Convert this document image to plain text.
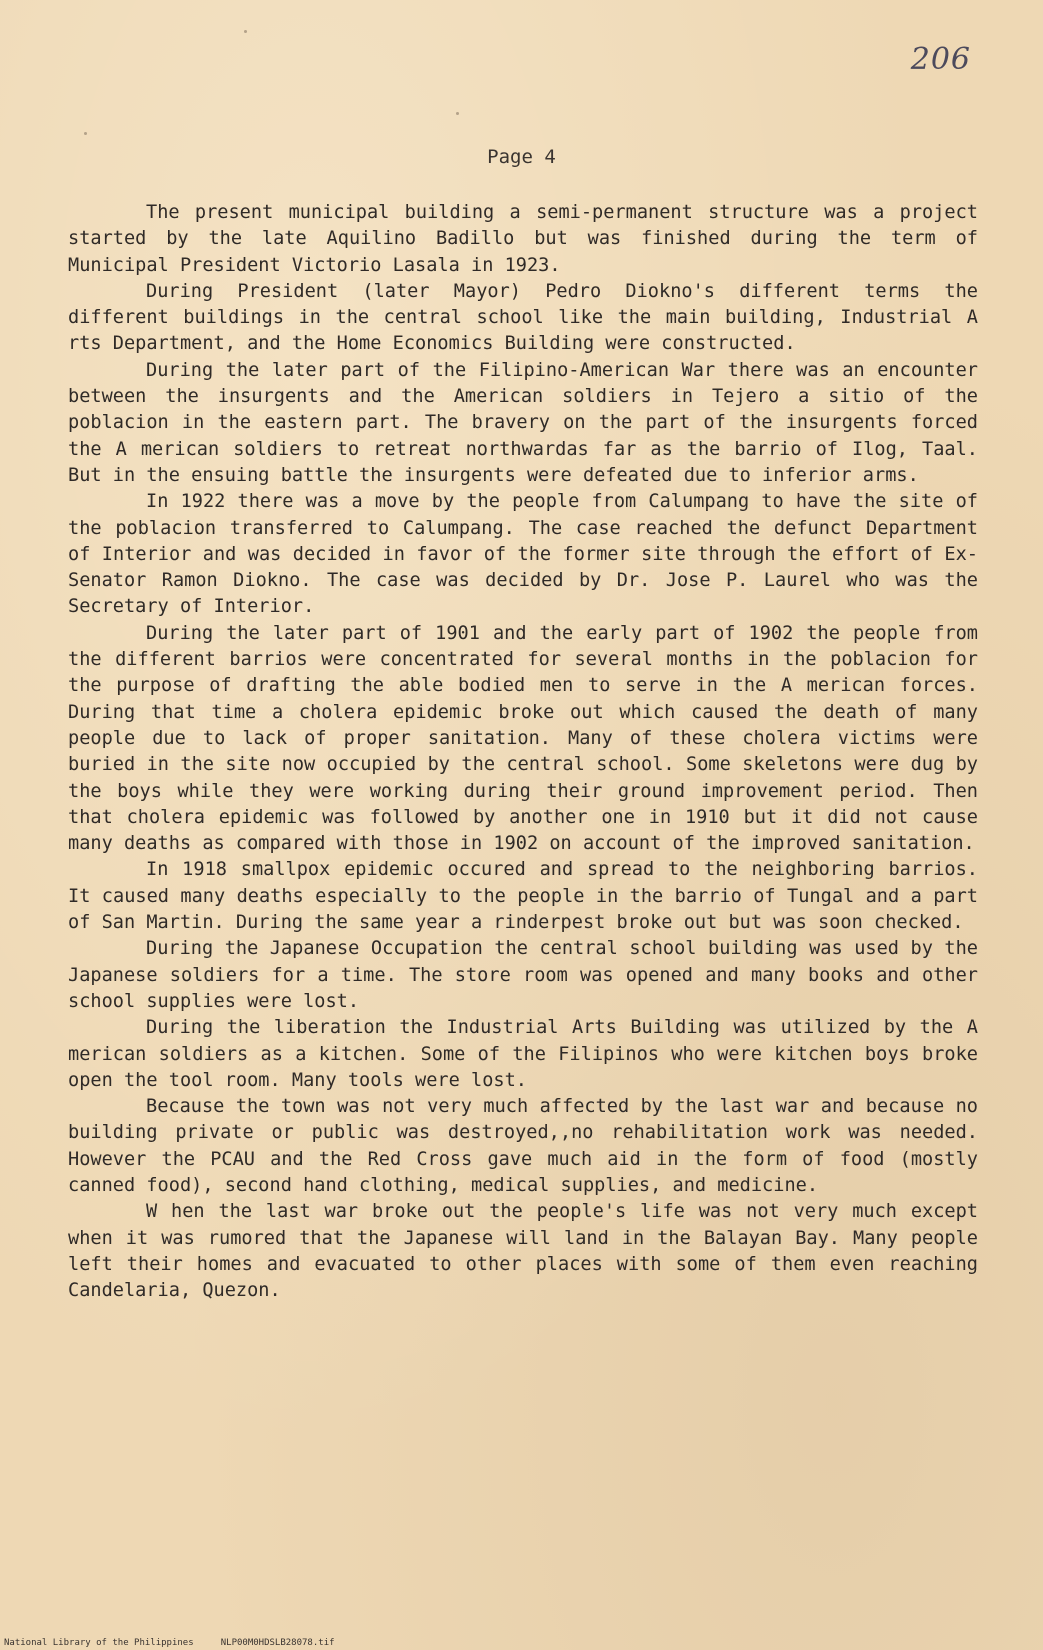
206
Page 4

The present municipal building a semi-permanent structure was a project started by the late Aquilino Badillo but was finished during the term of Municipal President Victorio Lasala in 1923.

During President (later Mayor) Pedro Diokno's different terms the different buildings in the central school like the main building, Industrial A rts Department, and the Home Economics Building were constructed.

During the later part of the Filipino-American War there was an encounter between the insurgents and the American soldiers in Tejero a sitio of the poblacion in the eastern part. The bravery on the part of the insurgents forced the A merican soldiers to retreat northwardas far as the barrio of Ilog, Taal. But in the ensuing battle the insurgents were defeated due to inferior arms.

In 1922 there was a move by the people from Calumpang to have the site of the poblacion transferred to Calumpang. The case reached the defunct Department of Interior and was decided in favor of the former site through the effort of Ex-Senator Ramon Diokno. The case was decided by Dr. Jose P. Laurel who was the Secretary of Interior.

During the later part of 1901 and the early part of 1902 the people from the different barrios were concentrated for several months in the poblacion for the purpose of drafting the able bodied men to serve in the A merican forces. During that time a cholera epidemic broke out which caused the death of many people due to lack of proper sanitation. Many of these cholera victims were buried in the site now occupied by the central school. Some skeletons were dug by the boys while they were working during their ground improvement period. Then that cholera epidemic was followed by another one in 1910 but it did not cause many deaths as compared with those in 1902 on account of the improved sanitation.

In 1918 smallpox epidemic occured and spread to the neighboring barrios. It caused many deaths especially to the people in the barrio of Tungal and a part of San Martin. During the same year a rinderpest broke out but was soon checked.

During the Japanese Occupation the central school building was used by the Japanese soldiers for a time. The store room was opened and many books and other school supplies were lost.

During the liberation the Industrial Arts Building was utilized by the A merican soldiers as a kitchen. Some of the Filipinos who were kitchen boys broke open the tool room. Many tools were lost.

Because the town was not very much affected by the last war and because no building private or public was destroyed,,no rehabilitation work was needed. However the PCAU and the Red Cross gave much aid in the form of food (mostly canned food), second hand clothing, medical supplies, and medicine.

W hen the last war broke out the people's life was not very much except when it was rumored that the Japanese will land in the Balayan Bay. Many people left their homes and evacuated to other places with some of them even reaching Candelaria, Quezon.

National Library of the Philippines     NLP00M0HDSLB28078.tif
